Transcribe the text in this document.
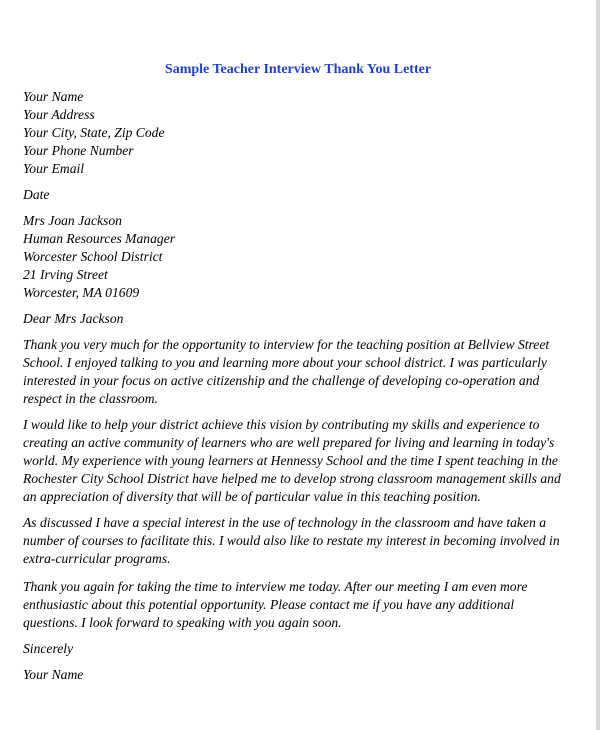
Sample Teacher Interview Thank You Letter
Your Name
Your Address
Your City, State, Zip Code
Your Phone Number
Your Email
Date
Mrs Joan Jackson
Human Resources Manager
Worcester School District
21 Irving Street
Worcester, MA 01609
Dear Mrs Jackson
Thank you very much for the opportunity to interview for the teaching position at Bellview Street
School. I enjoyed talking to you and learning more about your school district. I was particularly
interested in your focus on active citizenship and the challenge of developing co-operation and
respect in the classroom.
I would like to help your district achieve this vision by contributing my skills and experience to
creating an active community of learners who are well prepared for living and learning in today's
world. My experience with young learners at Hennessy School and the time I spent teaching in the
Rochester City School District have helped me to develop strong classroom management skills and
an appreciation of diversity that will be of particular value in this teaching position.
As discussed I have a special interest in the use of technology in the classroom and have taken a
number of courses to facilitate this. I would also like to restate my interest in becoming involved in
extra-curricular programs.
Thank you again for taking the time to interview me today. After our meeting I am even more
enthusiastic about this potential opportunity. Please contact me if you have any additional
questions. I look forward to speaking with you again soon.
Sincerely
Your Name
